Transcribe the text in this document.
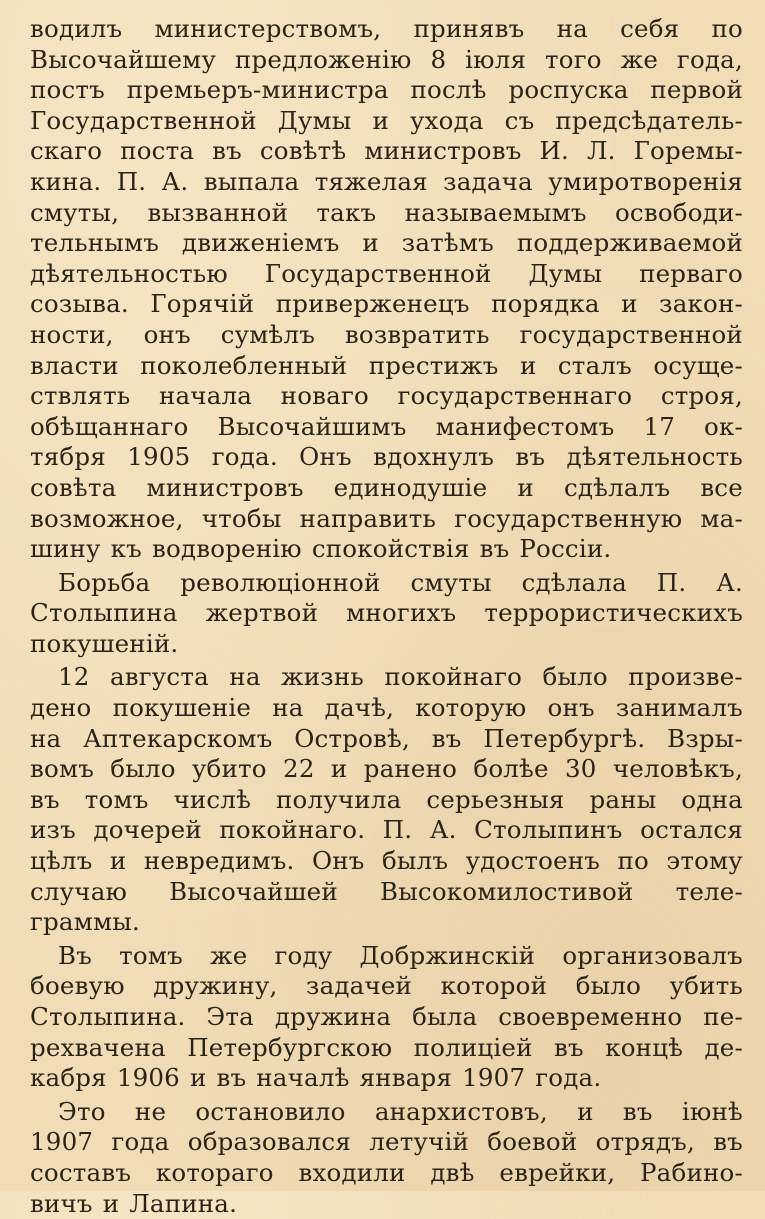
водилъ министерствомъ, принявъ на себя по
Высочайшему предложенію 8 іюля того же года,
постъ премьеръ-министра послѣ роспуска первой
Государственной Думы и ухода съ предсѣдатель-
скаго поста въ совѣтѣ министровъ И. Л. Горемы-
кина. П. А. выпала тяжелая задача умиротворенія
смуты, вызванной такъ называемымъ освободи-
тельнымъ движеніемъ и затѣмъ поддерживаемой
дѣятельностью Государственной Думы перваго
созыва. Горячій приверженецъ порядка и закон-
ности, онъ сумѣлъ возвратить государственной
власти поколебленный престижъ и сталъ осуще-
ствлять начала новаго государственнаго строя,
обѣщаннаго Высочайшимъ манифестомъ 17 ок-
тября 1905 года. Онъ вдохнулъ въ дѣятельность
совѣта министровъ единодушіе и сдѣлалъ все
возможное, чтобы направить государственную ма-
шину къ водворенію спокойствія въ Россіи.
Борьба революціонной смуты сдѣлала П. А.
Столыпина жертвой многихъ террористическихъ
покушеній.
12 августа на жизнь покойнаго было произве-
дено покушеніе на дачѣ, которую онъ занималъ
на Аптекарскомъ Островѣ, въ Петербургѣ. Взры-
вомъ было убито 22 и ранено болѣе 30 человѣкъ,
въ томъ числѣ получила серьезныя раны одна
изъ дочерей покойнаго. П. А. Столыпинъ остался
цѣлъ и невредимъ. Онъ былъ удостоенъ по этому
случаю Высочайшей Высокомилостивой теле-
граммы.
Въ томъ же году Добржинскій организовалъ
боевую дружину, задачей которой было убить
Столыпина. Эта дружина была своевременно пе-
рехвачена Петербургскою полиціей въ концѣ де-
кабря 1906 и въ началѣ января 1907 года.
Это не остановило анархистовъ, и въ іюнѣ
1907 года образовался летучій боевой отрядъ, въ
составъ котораго входили двѣ еврейки, Рабино-
вичъ и Лапина.
